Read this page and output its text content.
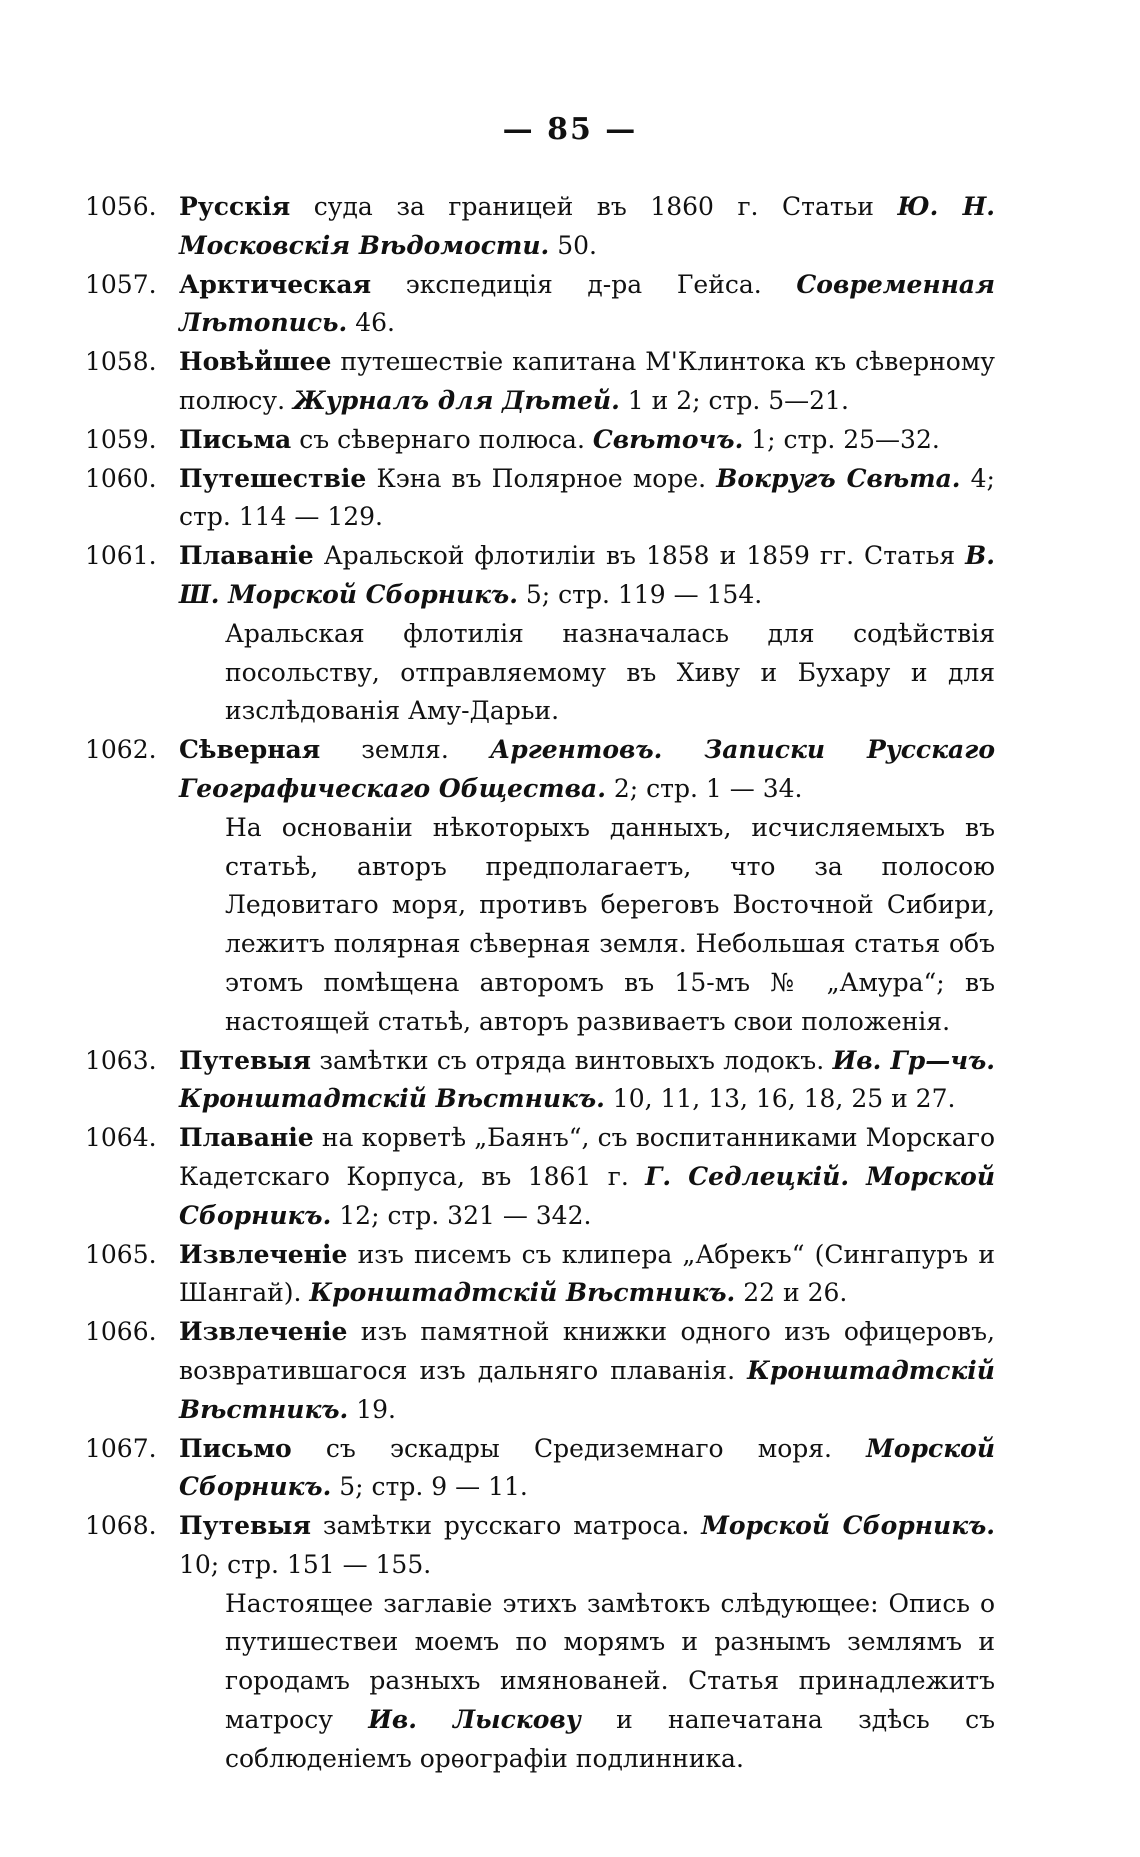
— 85 —
1056. Русскія суда за границей въ 1860 г. Статьи Ю. Н. Московскія Вѣдомости. 50.
1057. Арктическая экспедиція д-ра Гейса. Современная Лѣтопись. 46.
1058. Новѣйшее путешествіе капитана М'Клинтока къ сѣверному полюсу. Журналъ для Дѣтей. 1 и 2; стр. 5—21.
1059. Письма съ сѣвернаго полюса. Свѣточъ. 1; стр. 25—32.
1060. Путешествіе Кэна въ Полярное море. Вокругъ Свѣта. 4; стр. 114 — 129.
1061. Плаваніе Аральской флотиліи въ 1858 и 1859 гг. Статья В. Ш. Морской Сборникъ. 5; стр. 119 — 154.
Аральская флотилія назначалась для содѣйствія посольству, отправляемому въ Хиву и Бухару и для изслѣдованія Аму-Дарьи.
1062. Сѣверная земля. Аргентовъ. Записки Русскаго Географическаго Общества. 2; стр. 1 — 34.
На основаніи нѣкоторыхъ данныхъ, исчисляемыхъ въ статьѣ, авторъ предполагаетъ, что за полосою Ледовитаго моря, противъ береговъ Восточной Сибири, лежитъ полярная сѣверная земля. Небольшая статья объ этомъ помѣщена авторомъ въ 15-мъ № „Амура“; въ настоящей статьѣ, авторъ развиваетъ свои положенія.
1063. Путевыя замѣтки съ отряда винтовыхъ лодокъ. Ив. Гр—чъ. Кронштадтскій Вѣстникъ. 10, 11, 13, 16, 18, 25 и 27.
1064. Плаваніе на корветѣ „Баянъ“, съ воспитанниками Морскаго Кадетскаго Корпуса, въ 1861 г. Г. Седлецкій. Морской Сборникъ. 12; стр. 321 — 342.
1065. Извлеченіе изъ писемъ съ клипера „Абрекъ“ (Сингапуръ и Шангай). Кронштадтскій Вѣстникъ. 22 и 26.
1066. Извлеченіе изъ памятной книжки одного изъ офицеровъ, возвратившагося изъ дальняго плаванія. Кронштадтскій Вѣстникъ. 19.
1067. Письмо съ эскадры Средиземнаго моря. Морской Сборникъ. 5; стр. 9 — 11.
1068. Путевыя замѣтки русскаго матроса. Морской Сборникъ. 10; стр. 151 — 155.
Настоящее заглавіе этихъ замѣтокъ слѣдующее: Опись о путишествеи моемъ по морямъ и разнымъ землямъ и городамъ разныхъ имянованей. Статья принадлежитъ матросу Ив. Лыскову и напечатана здѣсь съ соблюденіемъ орѳографіи подлинника.
